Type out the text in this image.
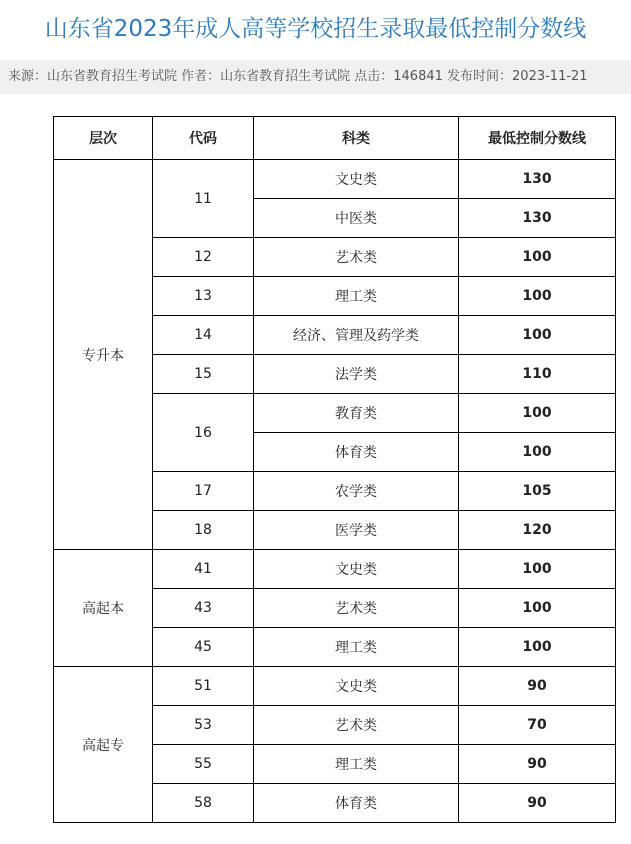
山东省2023年成人高等学校招生录取最低控制分数线
来源：山东省教育招生考试院 作者：山东省教育招生考试院 点击：146841 发布时间：2023-11-21
层次	代码	科类	最低控制分数线
专升本	11	文史类	130
		中医类	130
	12	艺术类	100
	13	理工类	100
	14	经济、管理及药学类	100
	15	法学类	110
	16	教育类	100
		体育类	100
	17	农学类	105
	18	医学类	120
高起本	41	文史类	100
	43	艺术类	100
	45	理工类	100
高起专	51	文史类	90
	53	艺术类	70
	55	理工类	90
	58	体育类	90
